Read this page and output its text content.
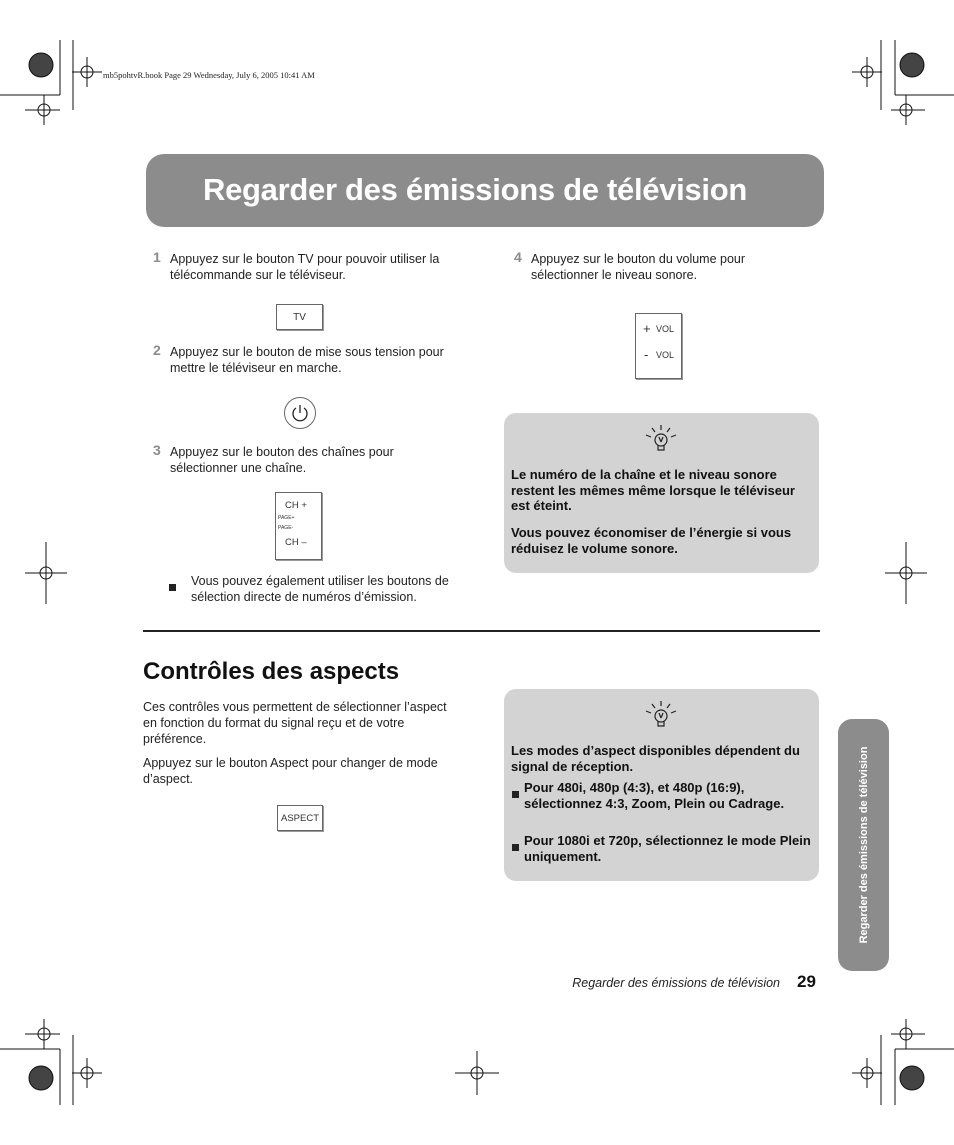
mb5pohtvR.book Page 29 Wednesday, July 6, 2005 10:41 AM
Regarder des émissions de télévision
1 Appuyez sur le bouton TV pour pouvoir utiliser la télécommande sur le téléviseur.
TV
2 Appuyez sur le bouton de mise sous tension pour mettre le téléviseur en marche.
3 Appuyez sur le bouton des chaînes pour sélectionner une chaîne.
CH +
PAGE+
PAGE-
CH –
Vous pouvez également utiliser les boutons de sélection directe de numéros d’émission.
4 Appuyez sur le bouton du volume pour sélectionner le niveau sonore.
+ VOL
- VOL
Le numéro de la chaîne et le niveau sonore restent les mêmes même lorsque le téléviseur est éteint.
Vous pouvez économiser de l’énergie si vous réduisez le volume sonore.
Contrôles des aspects
Ces contrôles vous permettent de sélectionner l’aspect en fonction du format du signal reçu et de votre préférence.
Appuyez sur le bouton Aspect pour changer de mode d’aspect.
ASPECT
Les modes d’aspect disponibles dépendent du signal de réception.
Pour 480i, 480p (4:3), et 480p (16:9), sélectionnez 4:3, Zoom, Plein ou Cadrage.
Pour 1080i et 720p, sélectionnez le mode Plein uniquement.	Regarder des émissions de télévision
Regarder des émissions de télévision 29
